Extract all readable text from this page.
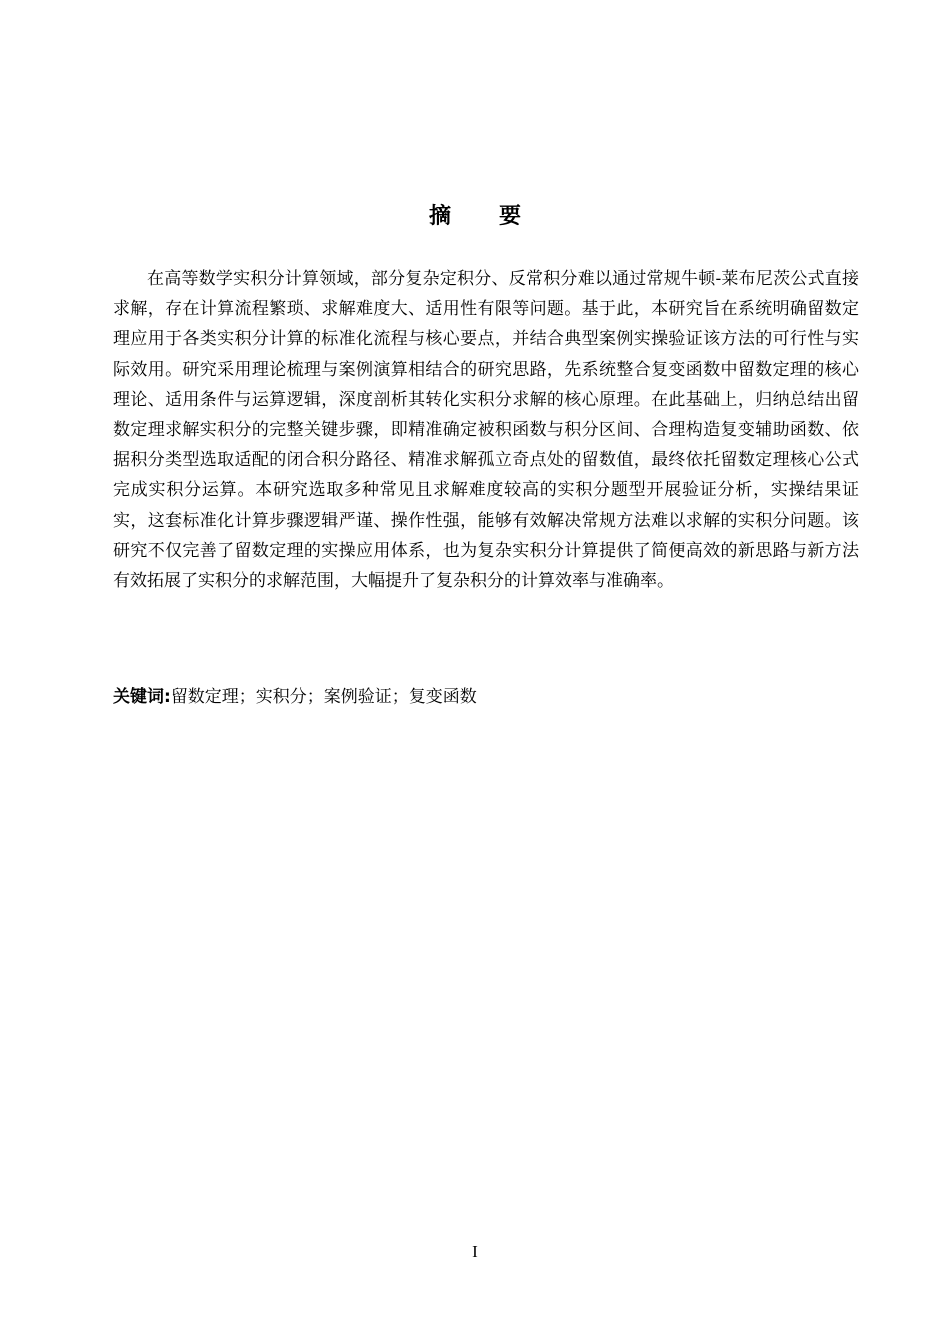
摘 要

在高等数学实积分计算领域，部分复杂定积分、反常积分难以通过常规牛顿-莱布尼茨公式直接求解，存在计算流程繁琐、求解难度大、适用性有限等问题。基于此，本研究旨在系统明确留数定理应用于各类实积分计算的标准化流程与核心要点，并结合典型案例实操验证该方法的可行性与实际效用。研究采用理论梳理与案例演算相结合的研究思路，先系统整合复变函数中留数定理的核心理论、适用条件与运算逻辑，深度剖析其转化实积分求解的核心原理。在此基础上，归纳总结出留数定理求解实积分的完整关键步骤，即精准确定被积函数与积分区间、合理构造复变辅助函数、依据积分类型选取适配的闭合积分路径、精准求解孤立奇点处的留数值，最终依托留数定理核心公式完成实积分运算。本研究选取多种常见且求解难度较高的实积分题型开展验证分析，实操结果证实，这套标准化计算步骤逻辑严谨、操作性强，能够有效解决常规方法难以求解的实积分问题。该研究不仅完善了留数定理的实操应用体系，也为复杂实积分计算提供了简便高效的新思路与新方法有效拓展了实积分的求解范围，大幅提升了复杂积分的计算效率与准确率。

关键词:留数定理；实积分；案例验证；复变函数

I
